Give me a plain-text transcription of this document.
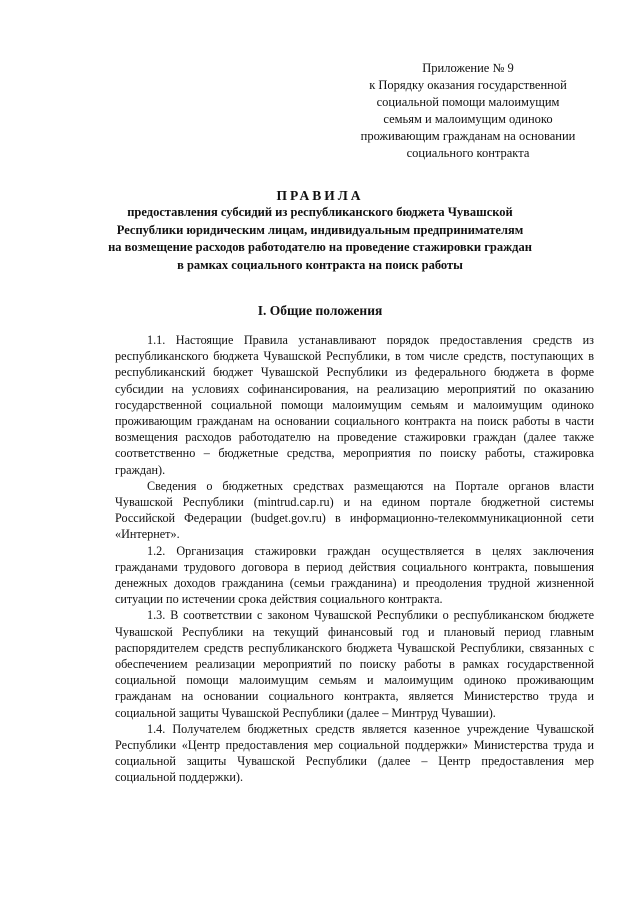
Приложение № 9
к Порядку оказания государственной
социальной помощи малоимущим
семьям и малоимущим одиноко
проживающим гражданам на основании
социального контракта
ПРАВИЛА
предоставления субсидий из республиканского бюджета Чувашской
Республики юридическим лицам, индивидуальным предпринимателям
на возмещение расходов работодателю на проведение стажировки граждан
в рамках социального контракта на поиск работы
I. Общие положения

1.1. Настоящие Правила устанавливают порядок предоставления средств из республиканского бюджета Чувашской Республики, в том числе средств, поступающих в республиканский бюджет Чувашской Республики из федерального бюджета в форме субсидии на условиях софинансирования, на реализацию мероприятий по оказанию государственной социальной помощи малоимущим семьям и малоимущим одиноко проживающим гражданам на основании социального контракта на поиск работы в части возмещения расходов работодателю на проведение стажировки граждан (далее также соответственно – бюджетные средства, мероприятия по поиску работы, стажировка граждан).

Сведения о бюджетных средствах размещаются на Портале органов власти Чувашской Республики (mintrud.cap.ru) и на едином портале бюджетной системы Российской Федерации (budget.gov.ru) в информационно-телекоммуникационной сети «Интернет».

1.2. Организация стажировки граждан осуществляется в целях заключения гражданами трудового договора в период действия социального контракта, повышения денежных доходов гражданина (семьи гражданина) и преодоления трудной жизненной ситуации по истечении срока действия социального контракта.

1.3. В соответствии с законом Чувашской Республики о республиканском бюджете Чувашской Республики на текущий финансовый год и плановый период главным распорядителем средств республиканского бюджета Чувашской Республики, связанных с обеспечением реализации мероприятий по поиску работы в рамках государственной социальной помощи малоимущим семьям и малоимущим одиноко проживающим гражданам на основании социального контракта, является Министерство труда и социальной защиты Чувашской Республики (далее – Минтруд Чувашии).

1.4. Получателем бюджетных средств является казенное учреждение Чувашской Республики «Центр предоставления мер социальной поддержки» Министерства труда и социальной защиты Чувашской Республики (далее – Центр предоставления мер социальной поддержки).
